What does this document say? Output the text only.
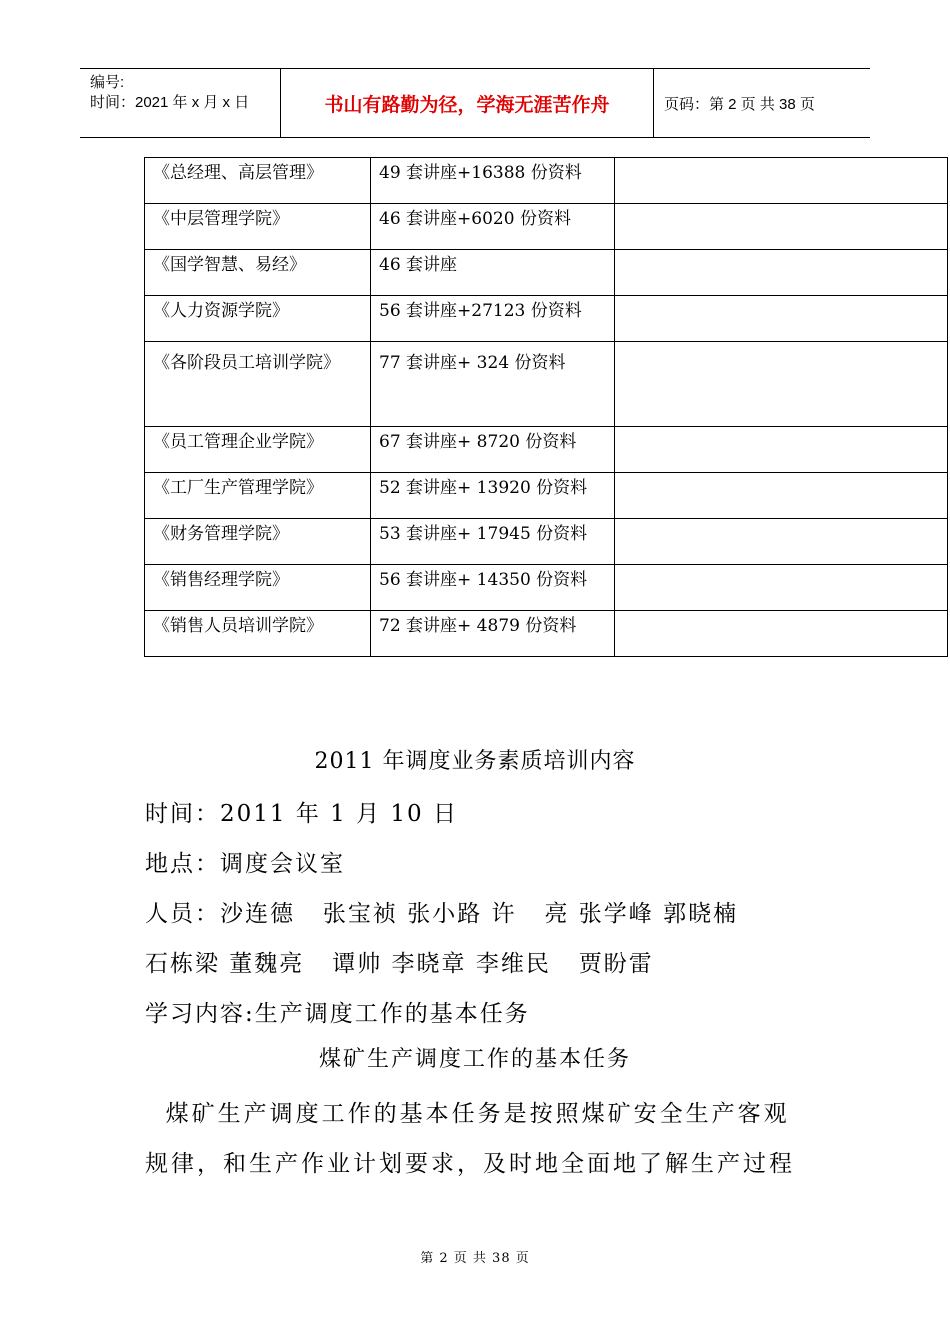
编号:
时间：2021 年 x 月 x 日	书山有路勤为径，学海无涯苦作舟	页码：第 2 页 共 38 页
《总经理、高层管理》	49 套讲座+16388 份资料	
《中层管理学院》	46 套讲座+6020 份资料	
《国学智慧、易经》	46 套讲座	
《人力资源学院》	56 套讲座+27123 份资料	
《各阶段员工培训学院》	77 套讲座+ 324 份资料	
《员工管理企业学院》	67 套讲座+ 8720 份资料	
《工厂生产管理学院》	52 套讲座+ 13920 份资料	
《财务管理学院》	53 套讲座+ 17945 份资料	
《销售经理学院》	56 套讲座+ 14350 份资料	
《销售人员培训学院》	72 套讲座+ 4879 份资料	
2011 年调度业务素质培训内容
时间：2011 年 1 月 10 日
地点：调度会议室
人员：沙连德   张宝祯 张小路 许   亮 张学峰 郭晓楠
石栋梁 董魏亮   谭帅 李晓章 李维民   贾盼雷
学习内容:生产调度工作的基本任务
煤矿生产调度工作的基本任务
煤矿生产调度工作的基本任务是按照煤矿安全生产客观
规律，和生产作业计划要求，及时地全面地了解生产过程
第 2 页 共 38 页
